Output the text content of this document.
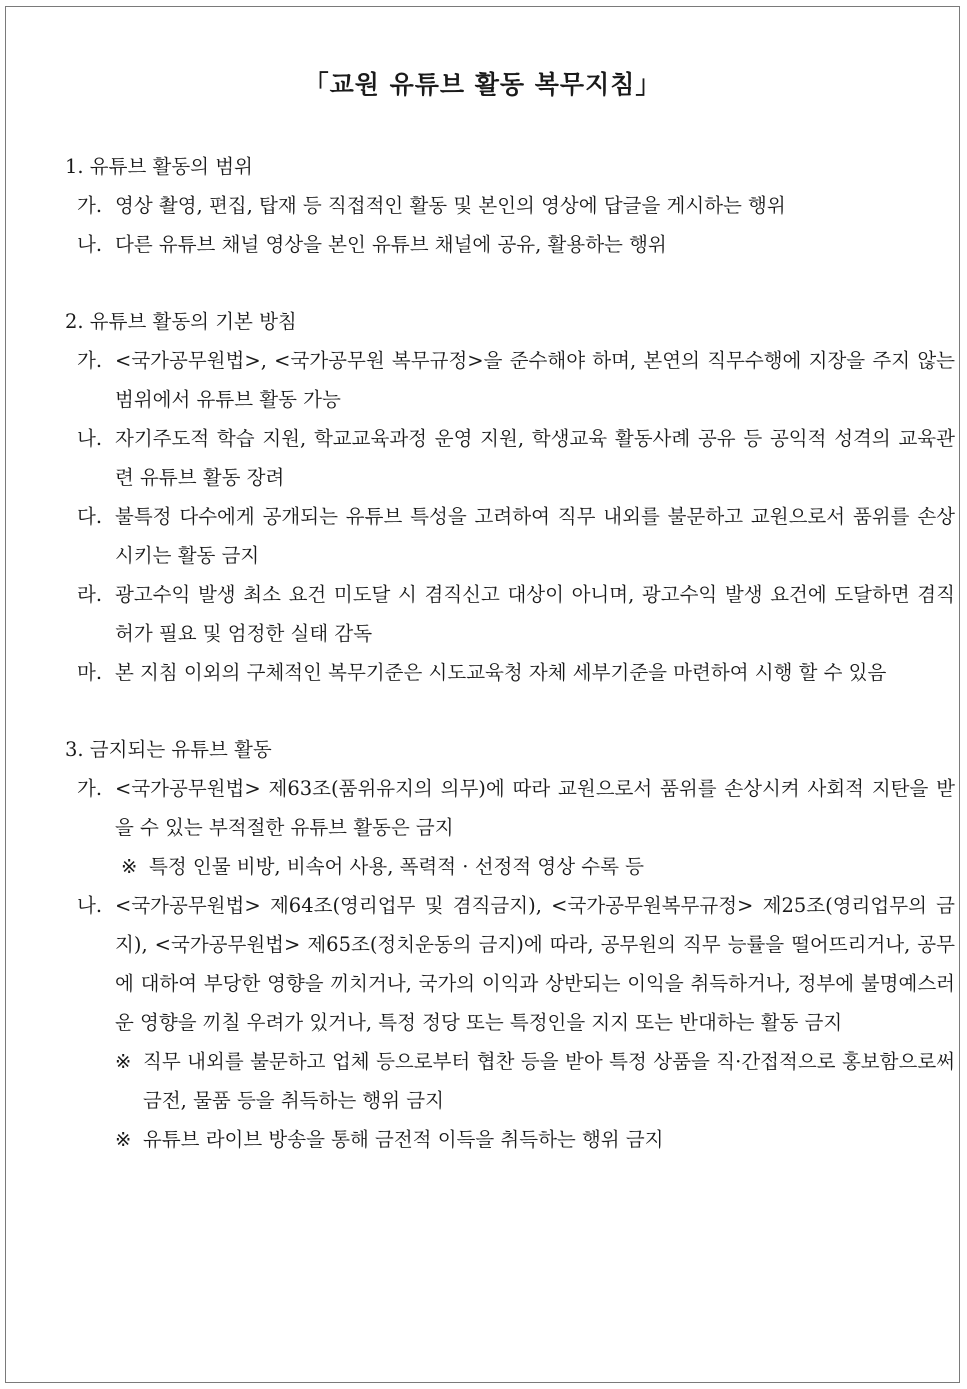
「교원 유튜브 활동 복무지침」

1. 유튜브 활동의 범위

가. 영상 촬영, 편집, 탑재 등 직접적인 활동 및 본인의 영상에 답글을 게시하는 행위
나. 다른 유튜브 채널 영상을 본인 유튜브 채널에 공유, 활용하는 행위

2. 유튜브 활동의 기본 방침

가. <국가공무원법>, <국가공무원 복무규정>을 준수해야 하며, 본연의 직무수행에 지장을 주지 않는 범위에서 유튜브 활동 가능
나. 자기주도적 학습 지원, 학교교육과정 운영 지원, 학생교육 활동사례 공유 등 공익적 성격의 교육관련 유튜브 활동 장려
다. 불특정 다수에게 공개되는 유튜브 특성을 고려하여 직무 내외를 불문하고 교원으로서 품위를 손상시키는 활동 금지
라. 광고수익 발생 최소 요건 미도달 시 겸직신고 대상이 아니며, 광고수익 발생 요건에 도달하면 겸직 허가 필요 및 엄정한 실태 감독
마. 본 지침 이외의 구체적인 복무기준은 시도교육청 자체 세부기준을 마련하여 시행 할 수 있음

3. 금지되는 유튜브 활동

가. <국가공무원법> 제63조(품위유지의 의무)에 따라 교원으로서 품위를 손상시켜 사회적 지탄을 받을 수 있는 부적절한 유튜브 활동은 금지
※ 특정 인물 비방, 비속어 사용, 폭력적 · 선정적 영상 수록 등
나. <국가공무원법> 제64조(영리업무 및 겸직금지), <국가공무원복무규정> 제25조(영리업무의 금지), <국가공무원법> 제65조(정치운동의 금지)에 따라, 공무원의 직무 능률을 떨어뜨리거나, 공무에 대하여 부당한 영향을 끼치거나, 국가의 이익과 상반되는 이익을 취득하거나, 정부에 불명예스러운 영향을 끼칠 우려가 있거나, 특정 정당 또는 특정인을 지지 또는 반대하는 활동 금지
※ 직무 내외를 불문하고 업체 등으로부터 협찬 등을 받아 특정 상품을 직·간접적으로 홍보함으로써 금전, 물품 등을 취득하는 행위 금지
※ 유튜브 라이브 방송을 통해 금전적 이득을 취득하는 행위 금지
